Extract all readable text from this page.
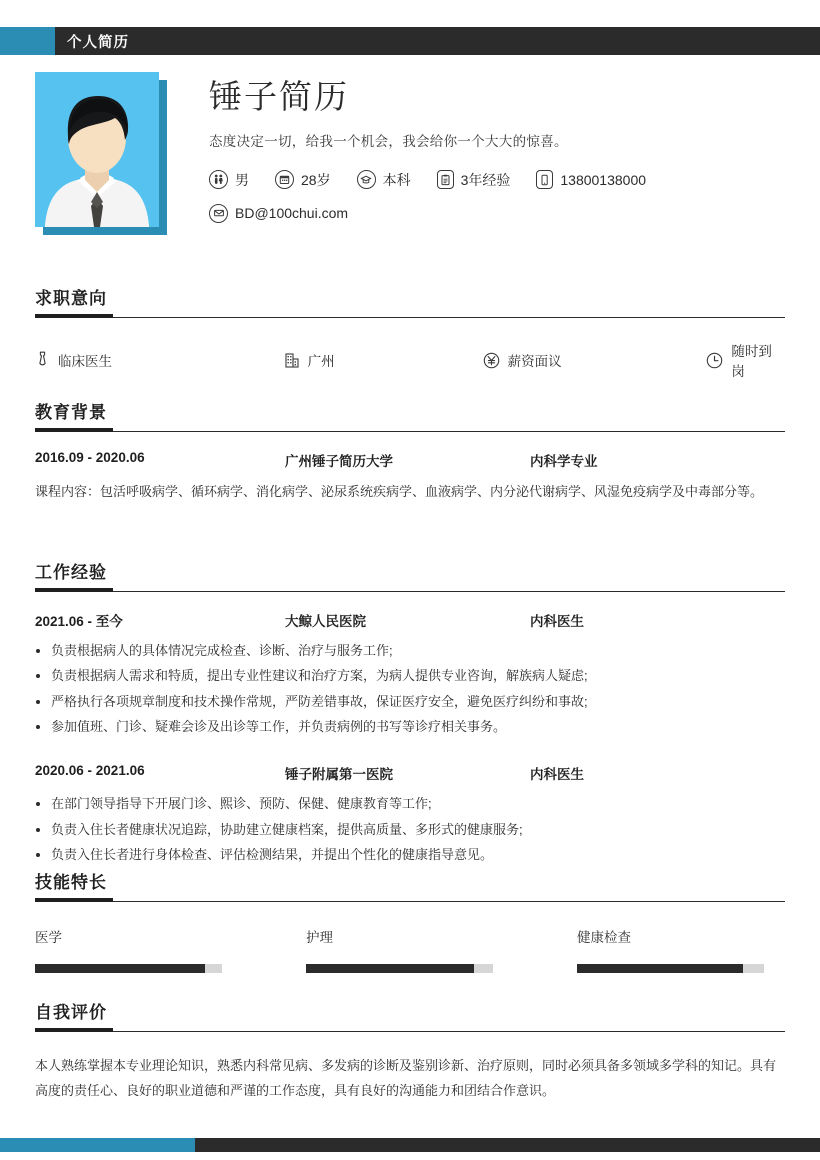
个人简历
锤子简历
态度决定一切，给我一个机会，我会给你一个大大的惊喜。
男	28岁	本科	3年经验	13800138000
BD@100chui.com
求职意向
临床医生	广州	薪资面议
随时到岗
教育背景
2016.09 - 2020.06	广州锤子简历大学	内科学专业
课程内容：包活呼吸病学、循环病学、消化病学、泌尿系统疾病学、血液病学、内分泌代谢病学、风湿免疫病学及中毒部分等。
工作经验
2021.06 - 至今	大鲸人民医院	内科医生
负责根据病人的具体情况完成检查、诊断、治疗与服务工作;
负责根据病人需求和特质，提出专业性建议和治疗方案，为病人提供专业咨询，解族病人疑虑;
严格执行各项规章制度和技术操作常规，严防差错事故，保证医疗安全，避免医疗纠纷和事故;
参加值班、门诊、疑难会诊及出诊等工作，并负责病例的书写等诊疗相关事务。
2020.06 - 2021.06	锤子附属第一医院	内科医生
在部门领导指导下开展门诊、熙诊、预防、保健、健康教育等工作;
负责入住长者健康状况追踪，协助建立健康档案，提供高质量、多形式的健康服务;
负责入住长者进行身体检查、评估检测结果，并提出个性化的健康指导意见。
技能特长
医学	护理	健康检查
自我评价
本人熟练掌握本专业理论知识，熟悉内科常见病、多发病的诊断及鉴别诊新、治疗原则，同时必须具备多领域多学科的知记。具有高度的责任心、良好的职业道德和严谨的工作态度，具有良好的沟通能力和团结合作意识。
